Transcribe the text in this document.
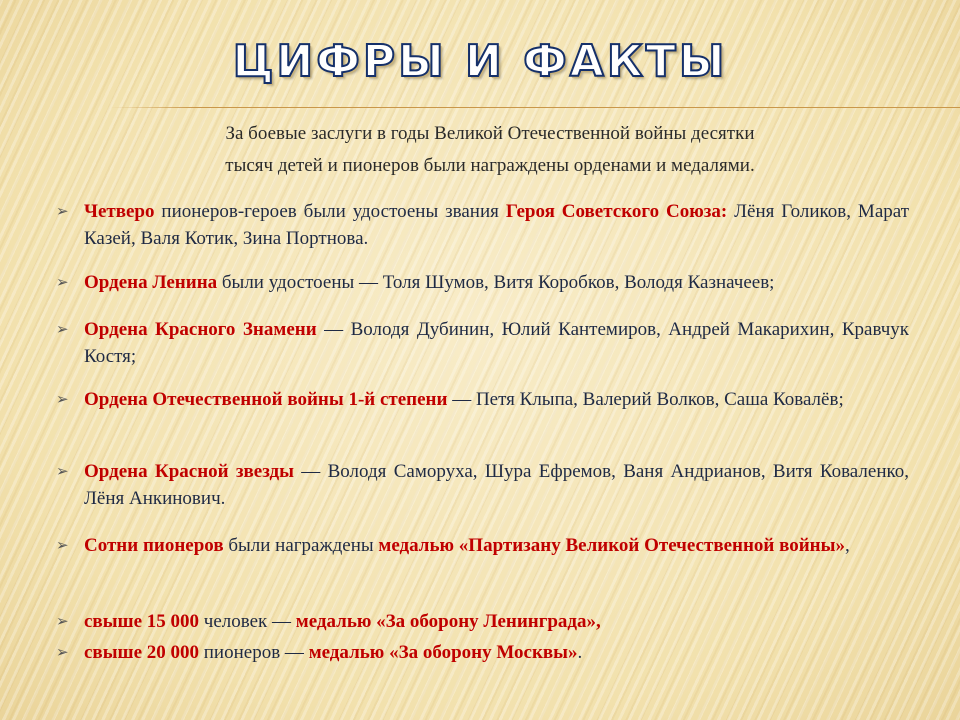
ЦИФРЫ И ФАКТЫ
За боевые заслуги в годы Великой Отечественной войны десятки
тысяч детей и пионеров были награждены орденами и медалями.
➢ Четверо пионеров-героев были удостоены звания Героя Советского Союза: Лёня Голиков, Марат Казей, Валя Котик, Зина Портнова.
➢ Ордена Ленина были удостоены — Толя Шумов, Витя Коробков, Володя Казначеев;
➢ Ордена Красного Знамени — Володя Дубинин, Юлий Кантемиров, Андрей Макарихин, Кравчук Костя;
➢ Ордена Отечественной войны 1-й степени — Петя Клыпа, Валерий Волков, Саша Ковалёв;
➢ Ордена Красной звезды — Володя Саморуха, Шура Ефремов, Ваня Андрианов, Витя Коваленко, Лёня Анкинович.
➢ Сотни пионеров были награждены медалью «Партизану Великой Отечественной войны»,
➢ свыше 15 000 человек — медалью «За оборону Ленинграда»,
➢ свыше 20 000 пионеров — медалью «За оборону Москвы».
